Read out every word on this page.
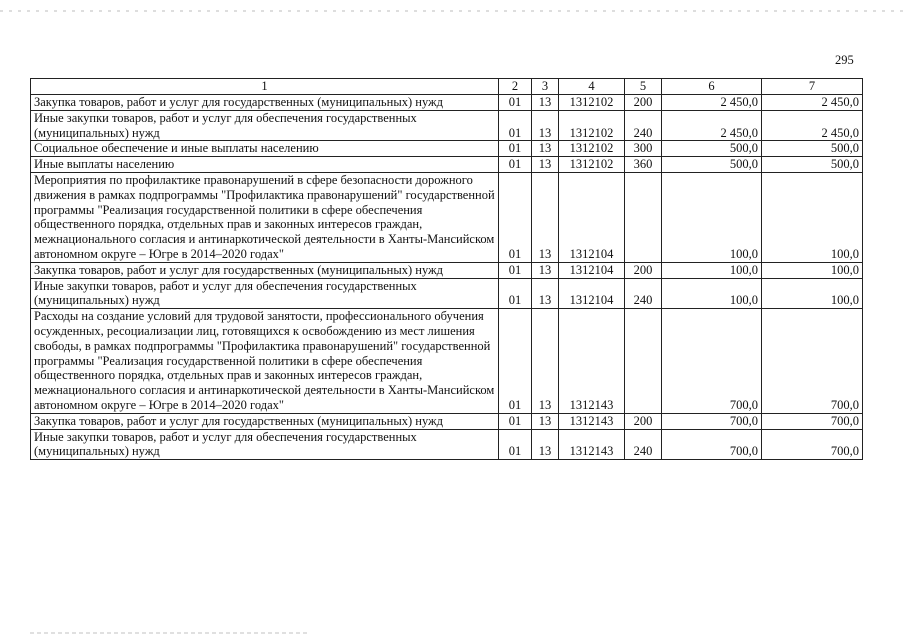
295
1	2	3	4	5	6	7
Закупка товаров, работ и услуг для государственных (муниципальных) нужд	01	13	1312102	200	2 450,0	2 450,0
Иные закупки товаров, работ и услуг для обеспечения государственных (муниципальных) нужд	01	13	1312102	240	2 450,0	2 450,0
Социальное обеспечение и иные выплаты населению	01	13	1312102	300	500,0	500,0
Иные выплаты населению	01	13	1312102	360	500,0	500,0
Мероприятия по профилактике правонарушений в сфере безопасности дорожного движения в рамках подпрограммы "Профилактика правонарушений" государственной программы "Реализация государственной политики в сфере обеспечения общественного порядка, отдельных прав и законных интересов граждан, межнационального согласия и антинаркотической деятельности в Ханты-Мансийском автономном округе – Югре в 2014–2020 годах"	01	13	1312104		100,0	100,0
Закупка товаров, работ и услуг для государственных (муниципальных) нужд	01	13	1312104	200	100,0	100,0
Иные закупки товаров, работ и услуг для обеспечения государственных (муниципальных) нужд	01	13	1312104	240	100,0	100,0
Расходы на создание условий для трудовой занятости, профессионального обучения осужденных, ресоциализации лиц, готовящихся к освобождению из мест лишения свободы, в рамках подпрограммы "Профилактика правонарушений" государственной программы "Реализация государственной политики в сфере обеспечения общественного порядка, отдельных прав и законных интересов граждан, межнационального согласия и антинаркотической деятельности в Ханты-Мансийском автономном округе – Югре в 2014–2020 годах"	01	13	1312143		700,0	700,0
Закупка товаров, работ и услуг для государственных (муниципальных) нужд	01	13	1312143	200	700,0	700,0
Иные закупки товаров, работ и услуг для обеспечения государственных (муниципальных) нужд	01	13	1312143	240	700,0	700,0
